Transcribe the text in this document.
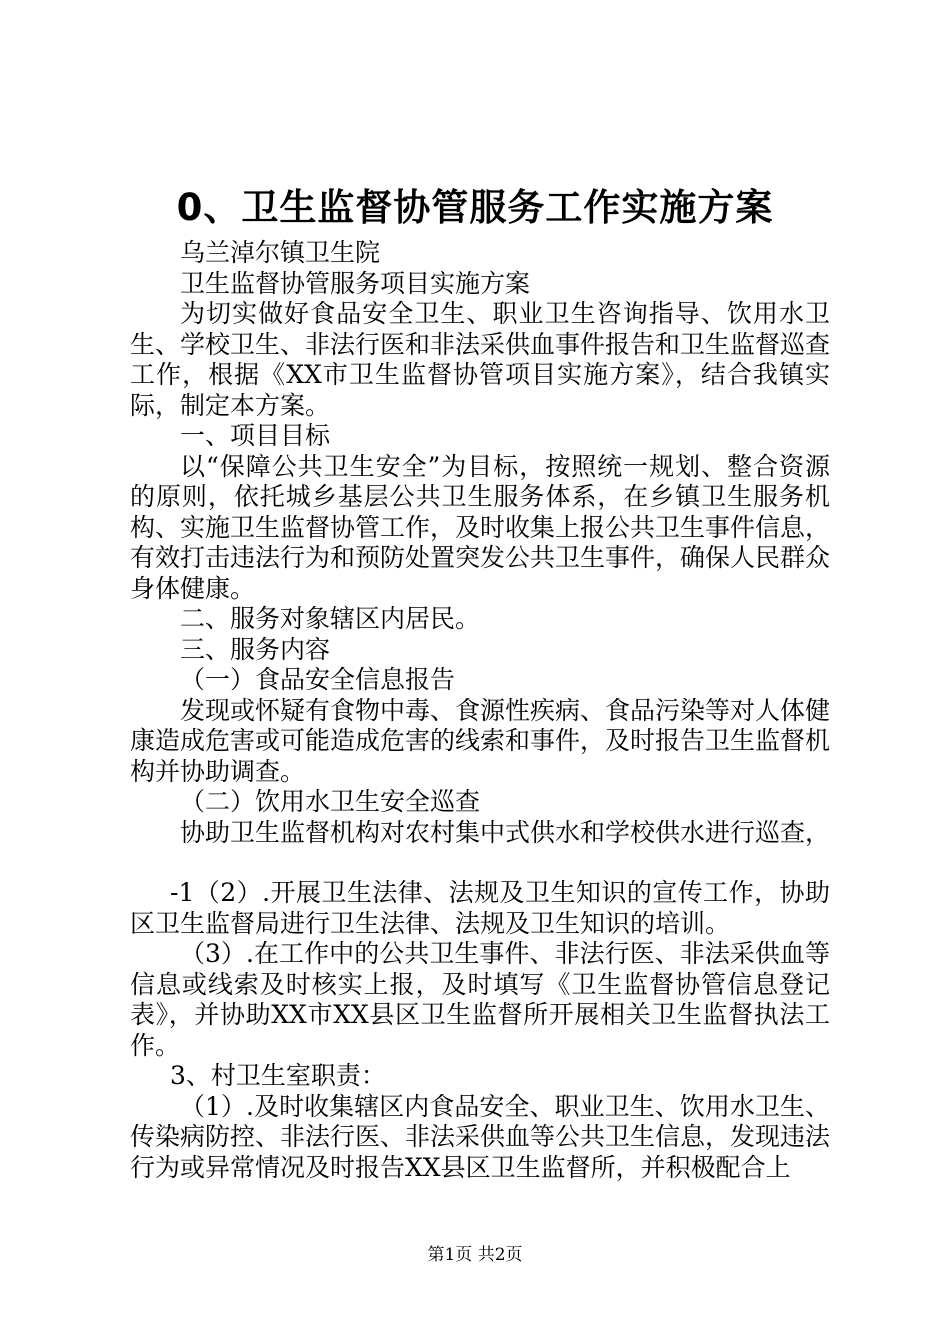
0、卫生监督协管服务工作实施方案

乌兰淖尔镇卫生院

卫生监督协管服务项目实施方案

为切实做好食品安全卫生、职业卫生咨询指导、饮用水卫生、学校卫生、非法行医和非法采供血事件报告和卫生监督巡查工作，根据《XX市卫生监督协管项目实施方案》，结合我镇实际，制定本方案。

一、项目目标

以“保障公共卫生安全”为目标，按照统一规划、整合资源的原则，依托城乡基层公共卫生服务体系，在乡镇卫生服务机构、实施卫生监督协管工作，及时收集上报公共卫生事件信息，有效打击违法行为和预防处置突发公共卫生事件，确保人民群众身体健康。

二、服务对象辖区内居民。

三、服务内容

（一）食品安全信息报告

发现或怀疑有食物中毒、食源性疾病、食品污染等对人体健康造成危害或可能造成危害的线索和事件，及时报告卫生监督机构并协助调查。

（二）饮用水卫生安全巡查

协助卫生监督机构对农村集中式供水和学校供水进行巡查，

-1（2）.开展卫生法律、法规及卫生知识的宣传工作，协助区卫生监督局进行卫生法律、法规及卫生知识的培训。

（3）.在工作中的公共卫生事件、非法行医、非法采供血等信息或线索及时核实上报，及时填写《卫生监督协管信息登记表》，并协助XX市XX县区卫生监督所开展相关卫生监督执法工作。

3、村卫生室职责：

（1）.及时收集辖区内食品安全、职业卫生、饮用水卫生、传染病防控、非法行医、非法采供血等公共卫生信息，发现违法行为或异常情况及时报告XX县区卫生监督所，并积极配合上

第1页 共2页
